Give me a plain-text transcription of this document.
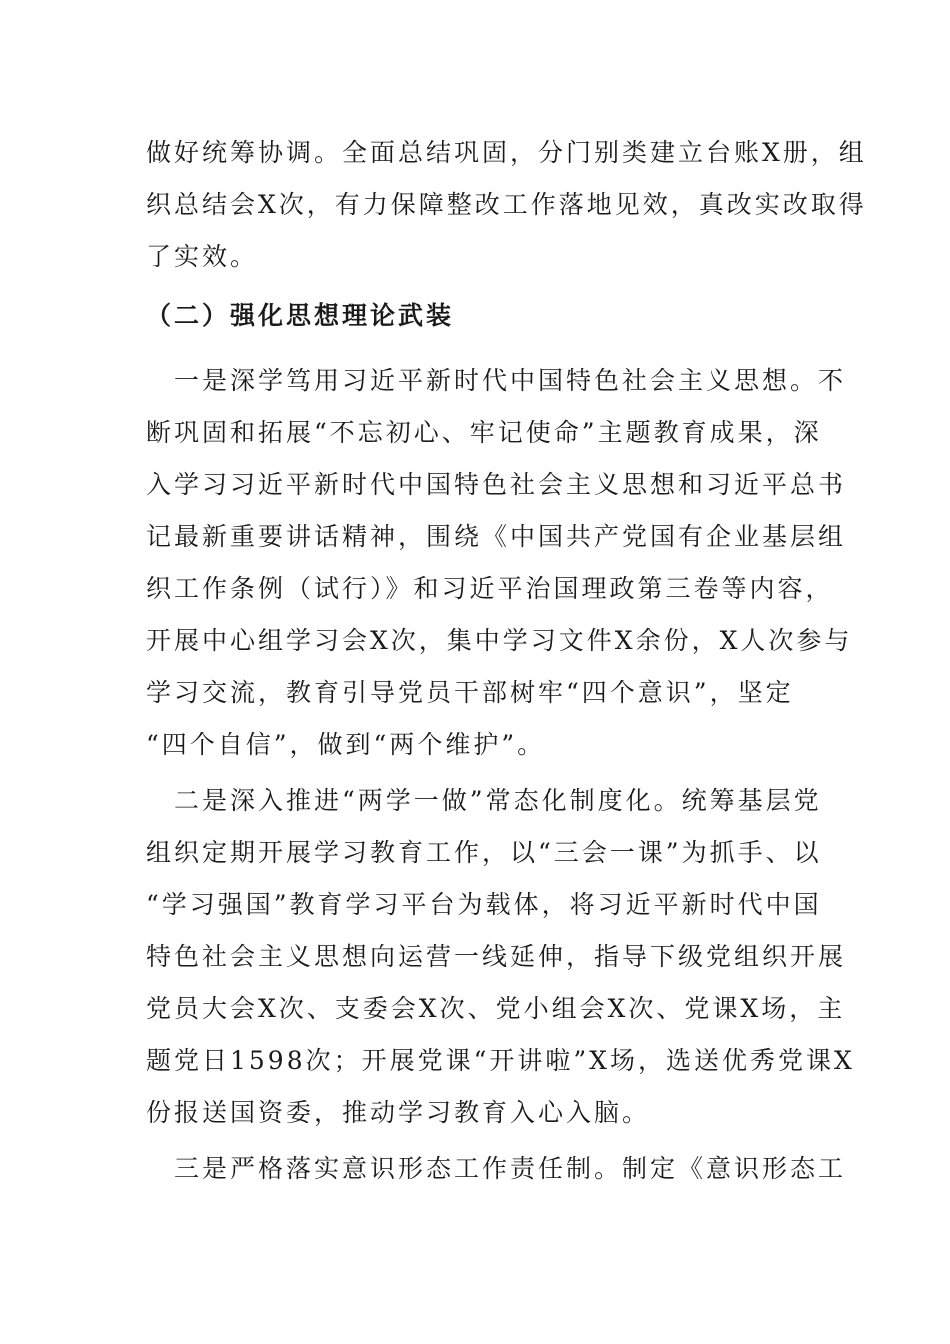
做好统筹协调。全面总结巩固，分门别类建立台账X册，组
织总结会X次，有力保障整改工作落地见效，真改实改取得
了实效。
（二）强化思想理论武装
　一是深学笃用习近平新时代中国特色社会主义思想。不
断巩固和拓展“不忘初心、牢记使命”主题教育成果，深
入学习习近平新时代中国特色社会主义思想和习近平总书
记最新重要讲话精神，围绕《中国共产党国有企业基层组
织工作条例（试行）》和习近平治国理政第三卷等内容，
开展中心组学习会X次，集中学习文件X余份，X人次参与
学习交流，教育引导党员干部树牢“四个意识”，坚定
“四个自信”，做到“两个维护”。
　二是深入推进“两学一做”常态化制度化。统筹基层党
组织定期开展学习教育工作，以“三会一课”为抓手、以
“学习强国”教育学习平台为载体，将习近平新时代中国
特色社会主义思想向运营一线延伸，指导下级党组织开展
党员大会X次、支委会X次、党小组会X次、党课X场，主
题党日1598次；开展党课“开讲啦”X场，选送优秀党课X
份报送国资委，推动学习教育入心入脑。
　三是严格落实意识形态工作责任制。制定《意识形态工
